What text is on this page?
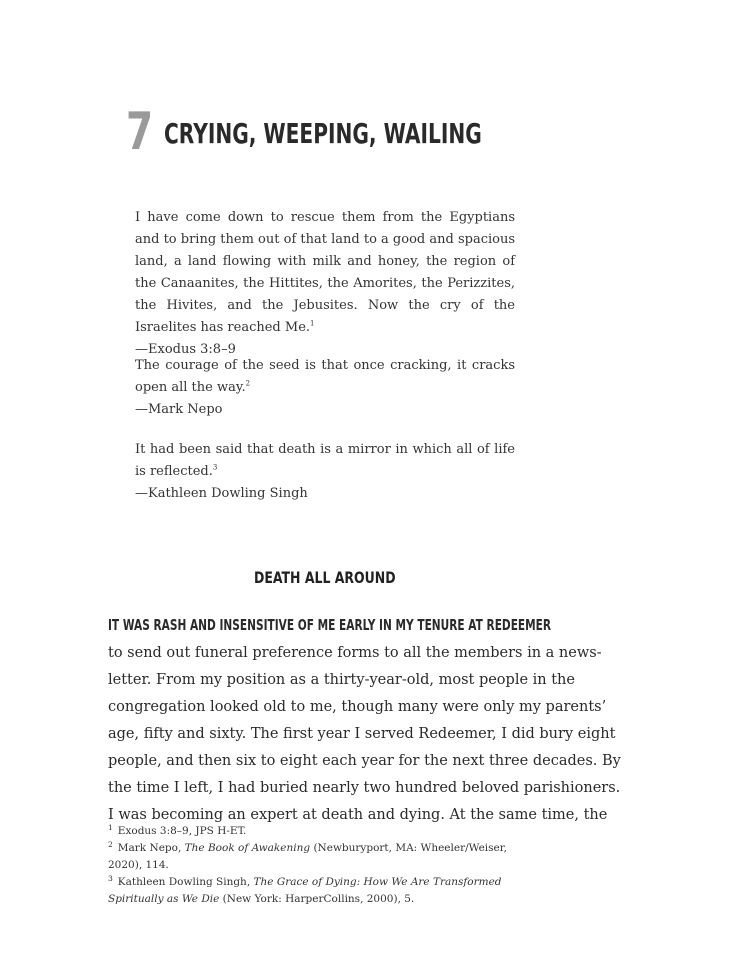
7 CRYING, WEEPING, WAILING

I have come down to rescue them from the Egyptians and to bring them out of that land to a good and spacious land, a land flowing with milk and honey, the region of the Canaanites, the Hittites, the Amorites, the Perizzites, the Hivites, and the Jebusites. Now the cry of the Israelites has reached Me.$^1$

—Exodus 3:8–9

The courage of the seed is that once cracking, it cracks open all the way.$^2$

—Mark Nepo

It had been said that death is a mirror in which all of life is reflected.$^3$

—Kathleen Dowling Singh

DEATH ALL AROUND
IT WAS RASH AND INSENSITIVE OF ME EARLY IN MY TENURE AT REDEEMER
to send out funeral preference forms to all the members in a news-
letter. From my position as a thirty-year-old, most people in the
congregation looked old to me, though many were only my parents’
age, fifty and sixty. The first year I served Redeemer, I did bury eight
people, and then six to eight each year for the next three decades. By
the time I left, I had buried nearly two hundred beloved parishioners.
I was becoming an expert at death and dying. At the same time, the

$^1$ Exodus 3:8–9, JPS H-ET.

$^2$ Mark Nepo, The Book of Awakening (Newburyport, MA: Wheeler/Weiser, 2020), 114.

$^3$ Kathleen Dowling Singh, The Grace of Dying: How We Are Transformed Spiritually as We Die (New York: HarperCollins, 2000), 5.
